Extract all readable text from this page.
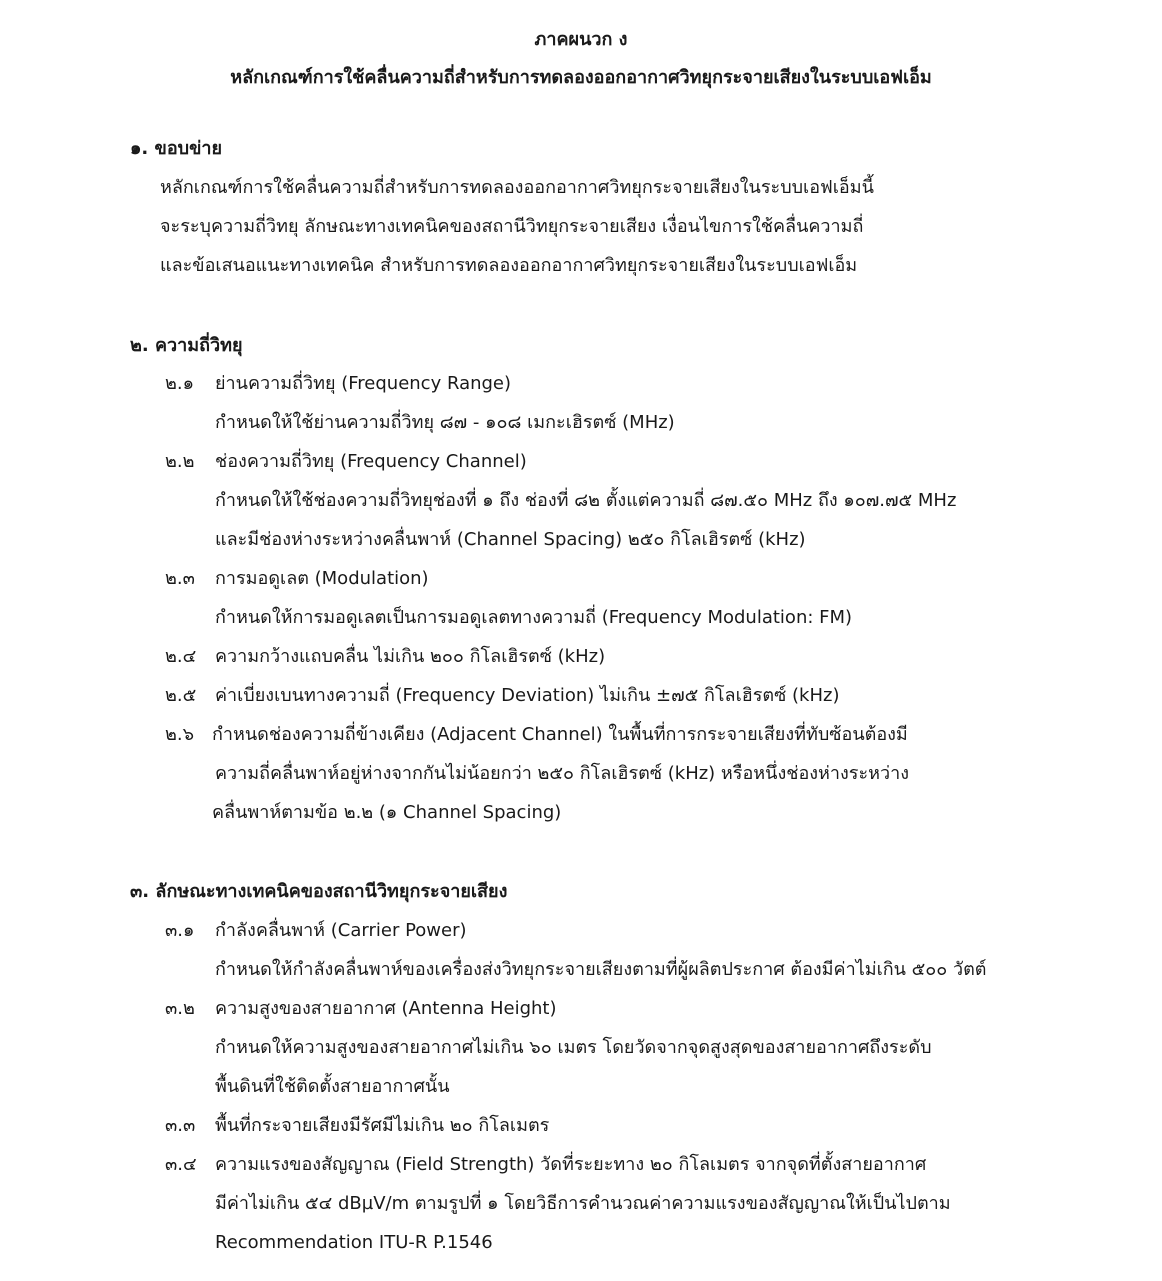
ภาคผนวก ง
หลักเกณฑ์การใช้คลื่นความถี่สำหรับการทดลองออกอากาศวิทยุกระจายเสียงในระบบเอฟเอ็ม
๑. ขอบข่าย
หลักเกณฑ์การใช้คลื่นความถี่สำหรับการทดลองออกอากาศวิทยุกระจายเสียงในระบบเอฟเอ็มนี้
จะระบุความถี่วิทยุ ลักษณะทางเทคนิคของสถานีวิทยุกระจายเสียง เงื่อนไขการใช้คลื่นความถี่
และข้อเสนอแนะทางเทคนิค สำหรับการทดลองออกอากาศวิทยุกระจายเสียงในระบบเอฟเอ็ม
๒. ความถี่วิทยุ
๒.๑ ย่านความถี่วิทยุ (Frequency Range)
กำหนดให้ใช้ย่านความถี่วิทยุ ๘๗ - ๑๐๘ เมกะเฮิรตซ์ (MHz)
๒.๒ ช่องความถี่วิทยุ (Frequency Channel)
กำหนดให้ใช้ช่องความถี่วิทยุช่องที่ ๑ ถึง ช่องที่ ๘๒ ตั้งแต่ความถี่ ๘๗.๕๐ MHz ถึง ๑๐๗.๗๕ MHz
และมีช่องห่างระหว่างคลื่นพาห์ (Channel Spacing) ๒๕๐ กิโลเฮิรตซ์ (kHz)
๒.๓ การมอดูเลต (Modulation)
กำหนดให้การมอดูเลตเป็นการมอดูเลตทางความถี่ (Frequency Modulation: FM)
๒.๔ ความกว้างแถบคลื่น ไม่เกิน ๒๐๐ กิโลเฮิรตซ์ (kHz)
๒.๕ ค่าเบี่ยงเบนทางความถี่ (Frequency Deviation) ไม่เกิน ±๗๕ กิโลเฮิรตซ์ (kHz)
๒.๖ กำหนดช่องความถี่ข้างเคียง (Adjacent Channel) ในพื้นที่การกระจายเสียงที่ทับซ้อนต้องมี
ความถี่คลื่นพาห์อยู่ห่างจากกันไม่น้อยกว่า ๒๕๐ กิโลเฮิรตซ์ (kHz) หรือหนึ่งช่องห่างระหว่าง
คลื่นพาห์ตามข้อ ๒.๒ (๑ Channel Spacing)
๓. ลักษณะทางเทคนิคของสถานีวิทยุกระจายเสียง
๓.๑ กำลังคลื่นพาห์ (Carrier Power)
กำหนดให้กำลังคลื่นพาห์ของเครื่องส่งวิทยุกระจายเสียงตามที่ผู้ผลิตประกาศ ต้องมีค่าไม่เกิน ๕๐๐ วัตต์
๓.๒ ความสูงของสายอากาศ (Antenna Height)
กำหนดให้ความสูงของสายอากาศไม่เกิน ๖๐ เมตร โดยวัดจากจุดสูงสุดของสายอากาศถึงระดับ
พื้นดินที่ใช้ติดตั้งสายอากาศนั้น
๓.๓ พื้นที่กระจายเสียงมีรัศมีไม่เกิน ๒๐ กิโลเมตร
๓.๔ ความแรงของสัญญาณ (Field Strength) วัดที่ระยะทาง ๒๐ กิโลเมตร จากจุดที่ตั้งสายอากาศ
มีค่าไม่เกิน ๕๔ dBµV/m ตามรูปที่ ๑ โดยวิธีการคำนวณค่าความแรงของสัญญาณให้เป็นไปตาม
Recommendation ITU-R P.1546
